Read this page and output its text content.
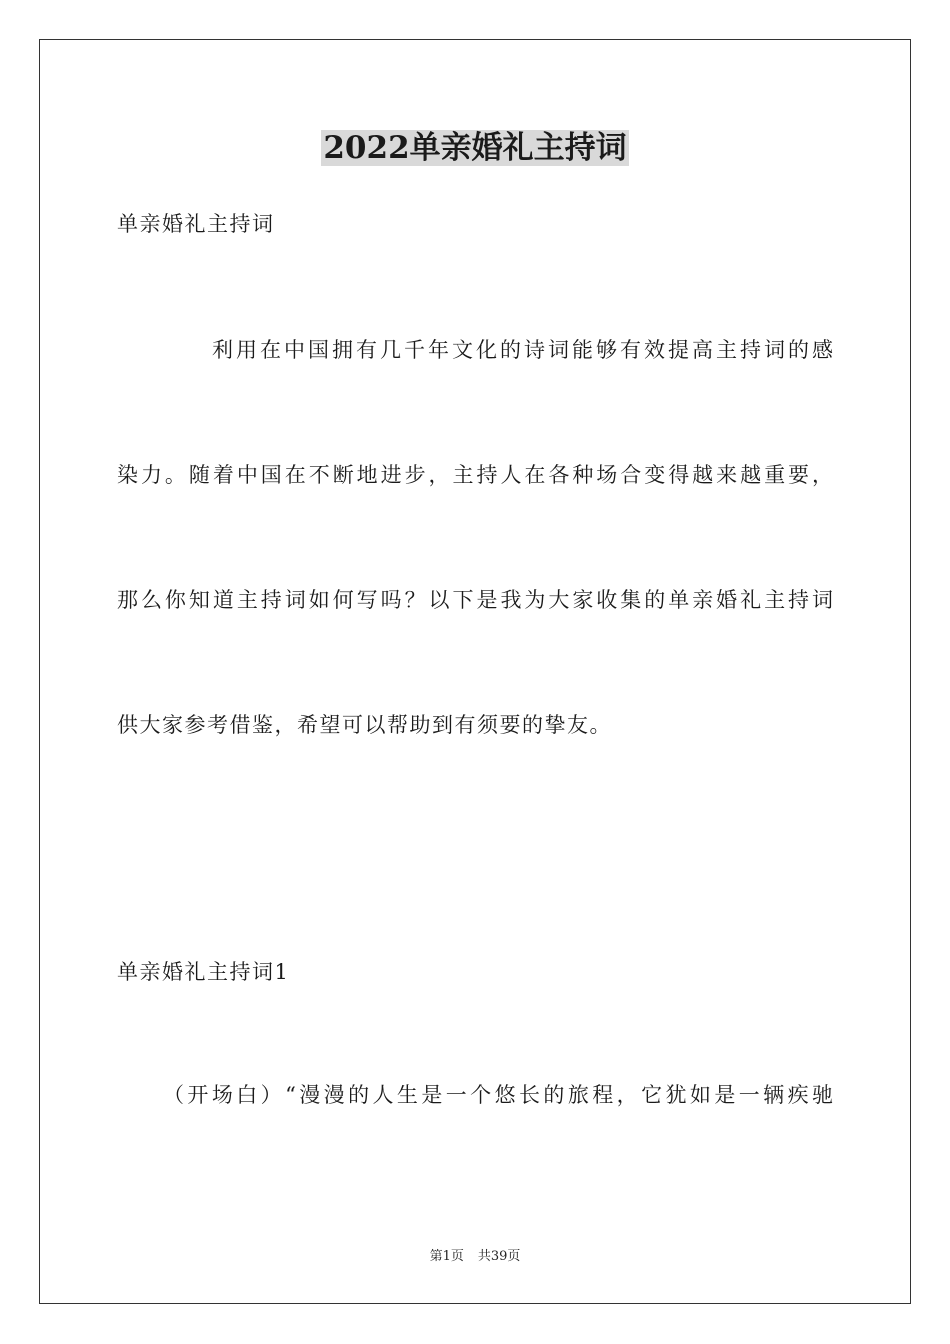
2022单亲婚礼主持词
单亲婚礼主持词
利用在中国拥有几千年文化的诗词能够有效提高主持词的感
染力。随着中国在不断地进步，主持人在各种场合变得越来越重要，
那么你知道主持词如何写吗？以下是我为大家收集的单亲婚礼主持词
供大家参考借鉴，希望可以帮助到有须要的挚友。
单亲婚礼主持词1
（开场白）“漫漫的人生是一个悠长的旅程，它犹如是一辆疾驰
第1页 共39页
